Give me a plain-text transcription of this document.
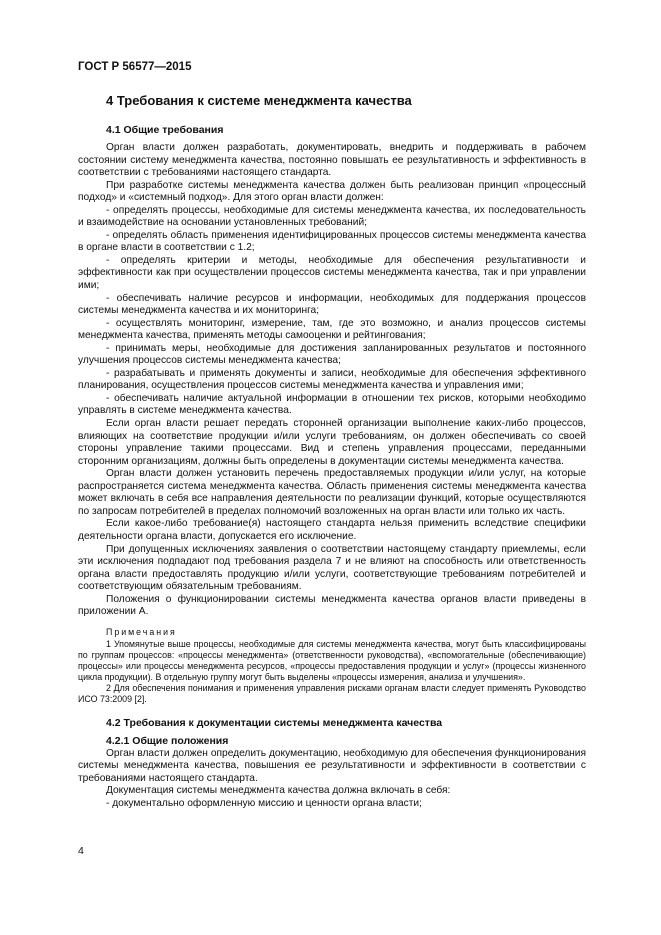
ГОСТ Р 56577—2015
4 Требования к системе менеджмента качества
4.1 Общие требования

Орган власти должен разработать, документировать, внедрить и поддерживать в рабочем состоянии систему менеджмента качества, постоянно повышать ее результативность и эффективность в соответствии с требованиями настоящего стандарта.

При разработке системы менеджмента качества должен быть реализован принцип «процессный подход» и «системный подход». Для этого орган власти должен:

- определять процессы, необходимые для системы менеджмента качества, их последовательность и взаимодействие на основании установленных требований;

- определять область применения идентифицированных процессов системы менеджмента качества в органе власти в соответствии с 1.2;

- определять критерии и методы, необходимые для обеспечения результативности и эффективности как при осуществлении процессов системы менеджмента качества, так и при управлении ими;

- обеспечивать наличие ресурсов и информации, необходимых для поддержания процессов системы менеджмента качества и их мониторинга;

- осуществлять мониторинг, измерение, там, где это возможно, и анализ процессов системы менеджмента качества, применять методы самооценки и рейтингования;

- принимать меры, необходимые для достижения запланированных результатов и постоянного улучшения процессов системы менеджмента качества;

- разрабатывать и применять документы и записи, необходимые для обеспечения эффективного планирования, осуществления процессов системы менеджмента качества и управления ими;

- обеспечивать наличие актуальной информации в отношении тех рисков, которыми необходимо управлять в системе менеджмента качества.

Если орган власти решает передать сторонней организации выполнение каких-либо процессов, влияющих на соответствие продукции и/или услуги требованиям, он должен обеспечивать со своей стороны управление такими процессами. Вид и степень управления процессами, переданными сторонним организациям, должны быть определены в документации системы менеджмента качества.

Орган власти должен установить перечень предоставляемых продукции и/или услуг, на которые распространяется система менеджмента качества. Область применения системы менеджмента качества может включать в себя все направления деятельности по реализации функций, которые осуществляются по запросам потребителей в пределах полномочий возложенных на орган власти или только их часть.

Если какое-либо требование(я) настоящего стандарта нельзя применить вследствие специфики деятельности органа власти, допускается его исключение.

При допущенных исключениях заявления о соответствии настоящему стандарту приемлемы, если эти исключения подпадают под требования раздела 7 и не влияют на способность или ответственность органа власти предоставлять продукцию и/или услуги, соответствующие требованиям потребителей и соответствующим обязательным требованиям.

Положения о функционировании системы менеджмента качества органов власти приведены в приложении А.

Примечания

1 Упомянутые выше процессы, необходимые для системы менеджмента качества, могут быть классифицированы по группам процессов: «процессы менеджмента» (ответственности руководства), «вспомогательные (обеспечивающие) процессы» или процессы менеджмента ресурсов, «процессы предоставления продукции и услуг» (процессы жизненного цикла продукции). В отдельную группу могут быть выделены «процессы измерения, анализа и улучшения».

2 Для обеспечения понимания и применения управления рисками органам власти следует применять Руководство ИСО 73:2009 [2].

4.2 Требования к документации системы менеджмента качества
4.2.1 Общие положения

Орган власти должен определить документацию, необходимую для обеспечения функционирования системы менеджмента качества, повышения ее результативности и эффективности в соответствии с требованиями настоящего стандарта.

Документация системы менеджмента качества должна включать в себя:

- документально оформленную миссию и ценности органа власти;

4
